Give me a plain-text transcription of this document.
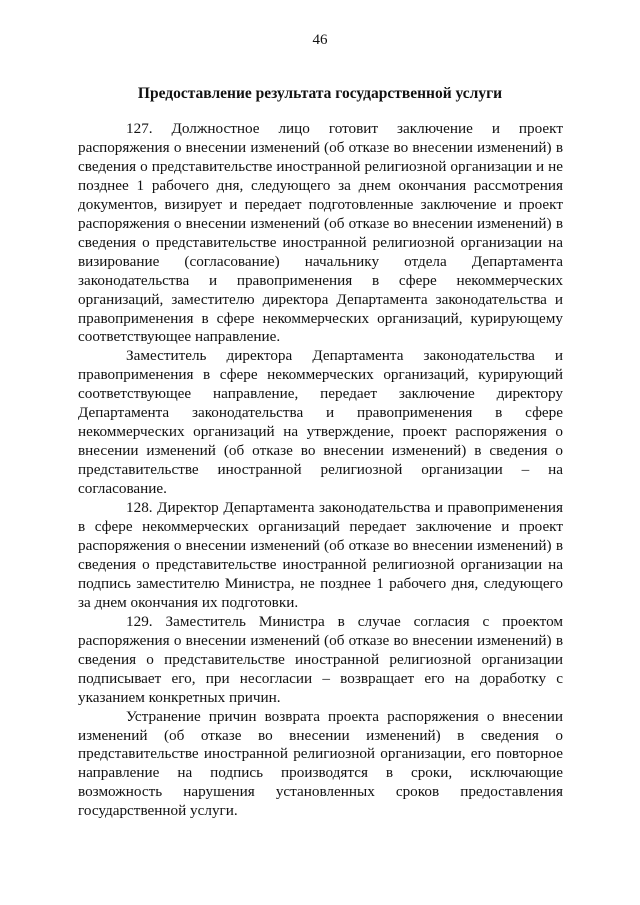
46
Предоставление результата государственной услуги

127. Должностное лицо готовит заключение и проект распоряжения о внесении изменений (об отказе во внесении изменений) в сведения о представительстве иностранной религиозной организации и не позднее 1 рабочего дня, следующего за днем окончания рассмотрения документов, визирует и передает подготовленные заключение и проект распоряжения о внесении изменений (об отказе во внесении изменений) в сведения о представительстве иностранной религиозной организации на визирование (согласование) начальнику отдела Департамента законодательства и правоприменения в сфере некоммерческих организаций, заместителю директора Департамента законодательства и правоприменения в сфере некоммерческих организаций, курирующему соответствующее направление.

Заместитель директора Департамента законодательства и правоприменения в сфере некоммерческих организаций, курирующий соответствующее направление, передает заключение директору Департамента законодательства и правоприменения в сфере некоммерческих организаций на утверждение, проект распоряжения о внесении изменений (об отказе во внесении изменений) в сведения о представительстве иностранной религиозной организации – на согласование.

128. Директор Департамента законодательства и правоприменения в сфере некоммерческих организаций передает заключение и проект распоряжения о внесении изменений (об отказе во внесении изменений) в сведения о представительстве иностранной религиозной организации на подпись заместителю Министра, не позднее 1 рабочего дня, следующего за днем окончания их подготовки.

129. Заместитель Министра в случае согласия с проектом распоряжения о внесении изменений (об отказе во внесении изменений) в сведения о представительстве иностранной религиозной организации подписывает его, при несогласии – возвращает его на доработку с указанием конкретных причин.

Устранение причин возврата проекта распоряжения о внесении изменений (об отказе во внесении изменений) в сведения о представительстве иностранной религиозной организации, его повторное направление на подпись производятся в сроки, исключающие возможность нарушения установленных сроков предоставления государственной услуги.
